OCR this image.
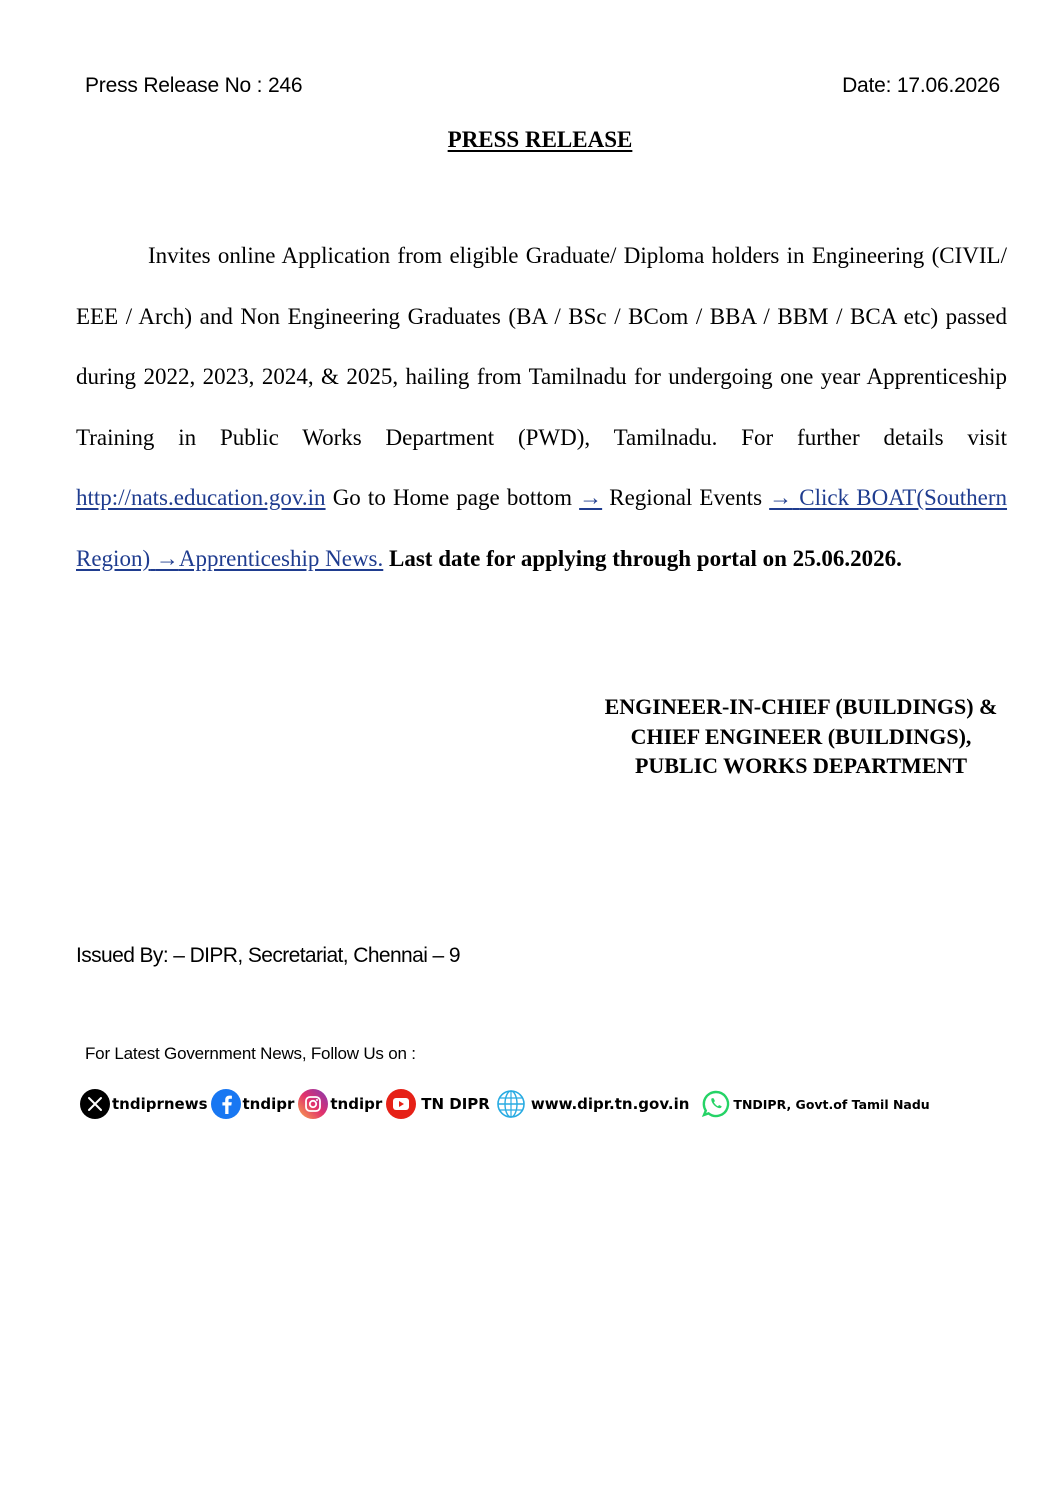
Press Release No : 246	Date: 17.06.2026
PRESS RELEASE
Invites online Application from eligible Graduate/ Diploma holders in Engineering (CIVIL/ EEE / Arch) and Non Engineering Graduates (BA / BSc / BCom / BBA / BBM / BCA etc) passed during 2022, 2023, 2024, & 2025, hailing from Tamilnadu for undergoing one year Apprenticeship Training in Public Works Department (PWD), Tamilnadu. For further details visit http://nats.education.gov.in Go to Home page bottom → Regional Events → Click BOAT(Southern Region) →Apprenticeship News. Last date for applying through portal on 25.06.2026.
ENGINEER-IN-CHIEF (BUILDINGS) &
CHIEF ENGINEER (BUILDINGS),
PUBLIC WORKS DEPARTMENT
Issued By: – DIPR, Secretariat, Chennai – 9
For Latest Government News, Follow Us on :
tndiprnews tndipr tndipr	TN DIPR	www.dipr.tn.gov.in	TNDIPR, Govt.of Tamil Nadu
